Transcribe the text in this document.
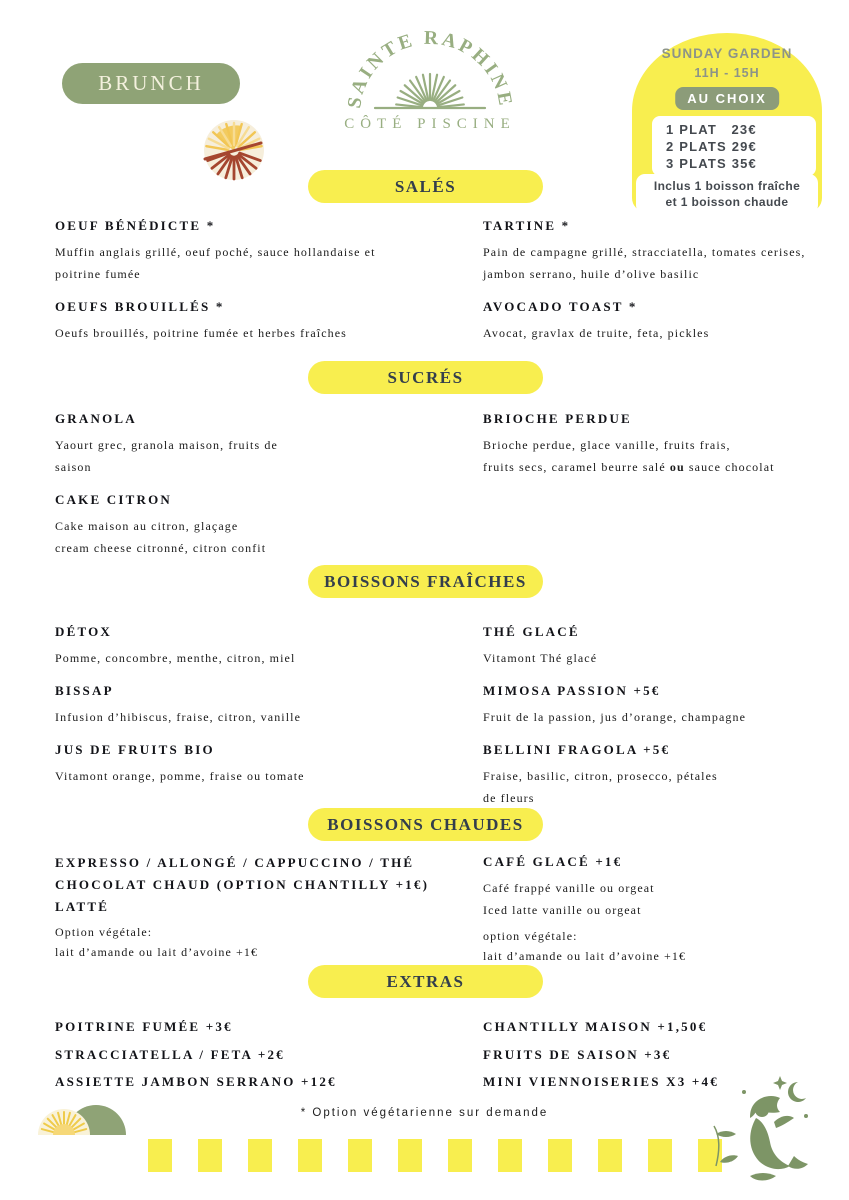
BRUNCH
SAINTE RAPHINE
CÔTÉ PISCINE
SUNDAY GARDEN
11H - 15H
AU CHOIX
1 PLAT   23€
2 PLATS 29€
3 PLATS 35€
Inclus 1 boisson fraîche
et 1 boisson chaude
SALÉS
OEUF BÉNÉDICTE *
Muffin anglais grillé, oeuf poché, sauce hollandaise et
poitrine fumée
OEUFS BROUILLÉS *
Oeufs brouillés, poitrine fumée et herbes fraîches
TARTINE *
Pain de campagne grillé, stracciatella, tomates cerises,
jambon serrano, huile d’olive basilic
AVOCADO TOAST *
Avocat, gravlax de truite, feta, pickles
SUCRÉS
GRANOLA
Yaourt grec, granola maison, fruits de
saison
CAKE CITRON
Cake maison au citron, glaçage
cream cheese citronné, citron confit
BRIOCHE PERDUE
Brioche perdue, glace vanille, fruits frais,
fruits secs, caramel beurre salé ou sauce chocolat
BOISSONS FRAÎCHES
DÉTOX
Pomme, concombre, menthe, citron, miel
BISSAP
Infusion d’hibiscus, fraise, citron, vanille
JUS DE FRUITS BIO
Vitamont orange, pomme, fraise ou tomate
THÉ GLACÉ
Vitamont Thé glacé
MIMOSA PASSION +5€
Fruit de la passion, jus d’orange, champagne
BELLINI FRAGOLA +5€
Fraise, basilic, citron, prosecco, pétales
de fleurs
BOISSONS CHAUDES
EXPRESSO / ALLONGÉ / CAPPUCCINO / THÉ
CHOCOLAT CHAUD (OPTION CHANTILLY +1€)
LATTÉ
Option végétale:
lait d’amande ou lait d’avoine +1€
CAFÉ GLACÉ +1€
Café frappé vanille ou orgeat
Iced latte vanille ou orgeat
option végétale:
lait d’amande ou lait d’avoine +1€
EXTRAS
POITRINE FUMÉE +3€
STRACCIATELLA / FETA +2€
ASSIETTE JAMBON SERRANO +12€
CHANTILLY MAISON +1,50€
FRUITS DE SAISON +3€
MINI VIENNOISERIES X3 +4€
* Option végétarienne sur demande
